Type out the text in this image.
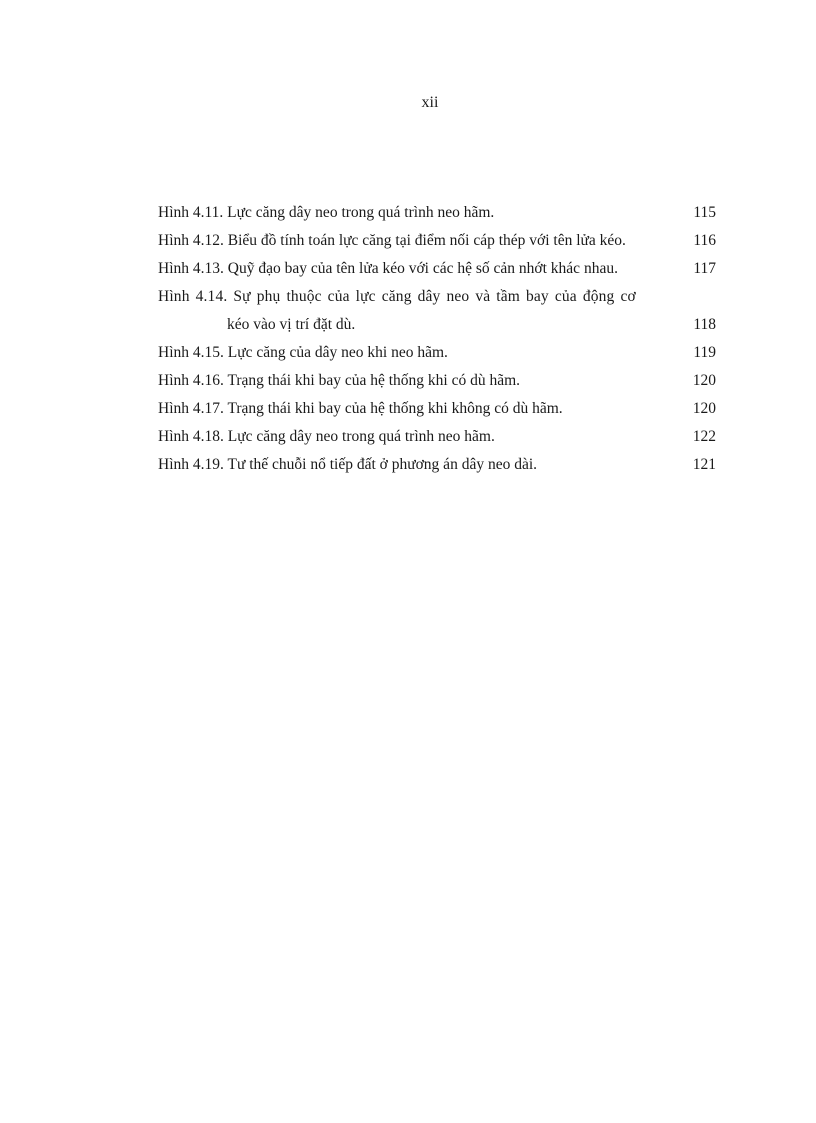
xii
Hình 4.11. Lực căng dây neo trong quá trình neo hãm.	115
Hình 4.12. Biểu đồ tính toán lực căng tại điểm nối cáp thép với tên lửa kéo.	116
Hình 4.13. Quỹ đạo bay của tên lửa kéo với các hệ số cản nhớt khác nhau.	117
Hình 4.14. Sự phụ thuộc của lực căng dây neo và tầm bay của động cơ
kéo vào vị trí đặt dù.	118
Hình 4.15. Lực căng của dây neo khi neo hãm.	119
Hình 4.16. Trạng thái khi bay của hệ thống khi có dù hãm.	120
Hình 4.17. Trạng thái khi bay của hệ thống khi không có dù hãm.	120
Hình 4.18. Lực căng dây neo trong quá trình neo hãm.	122
Hình 4.19. Tư thế chuỗi nổ tiếp đất ở phương án dây neo dài.	121
